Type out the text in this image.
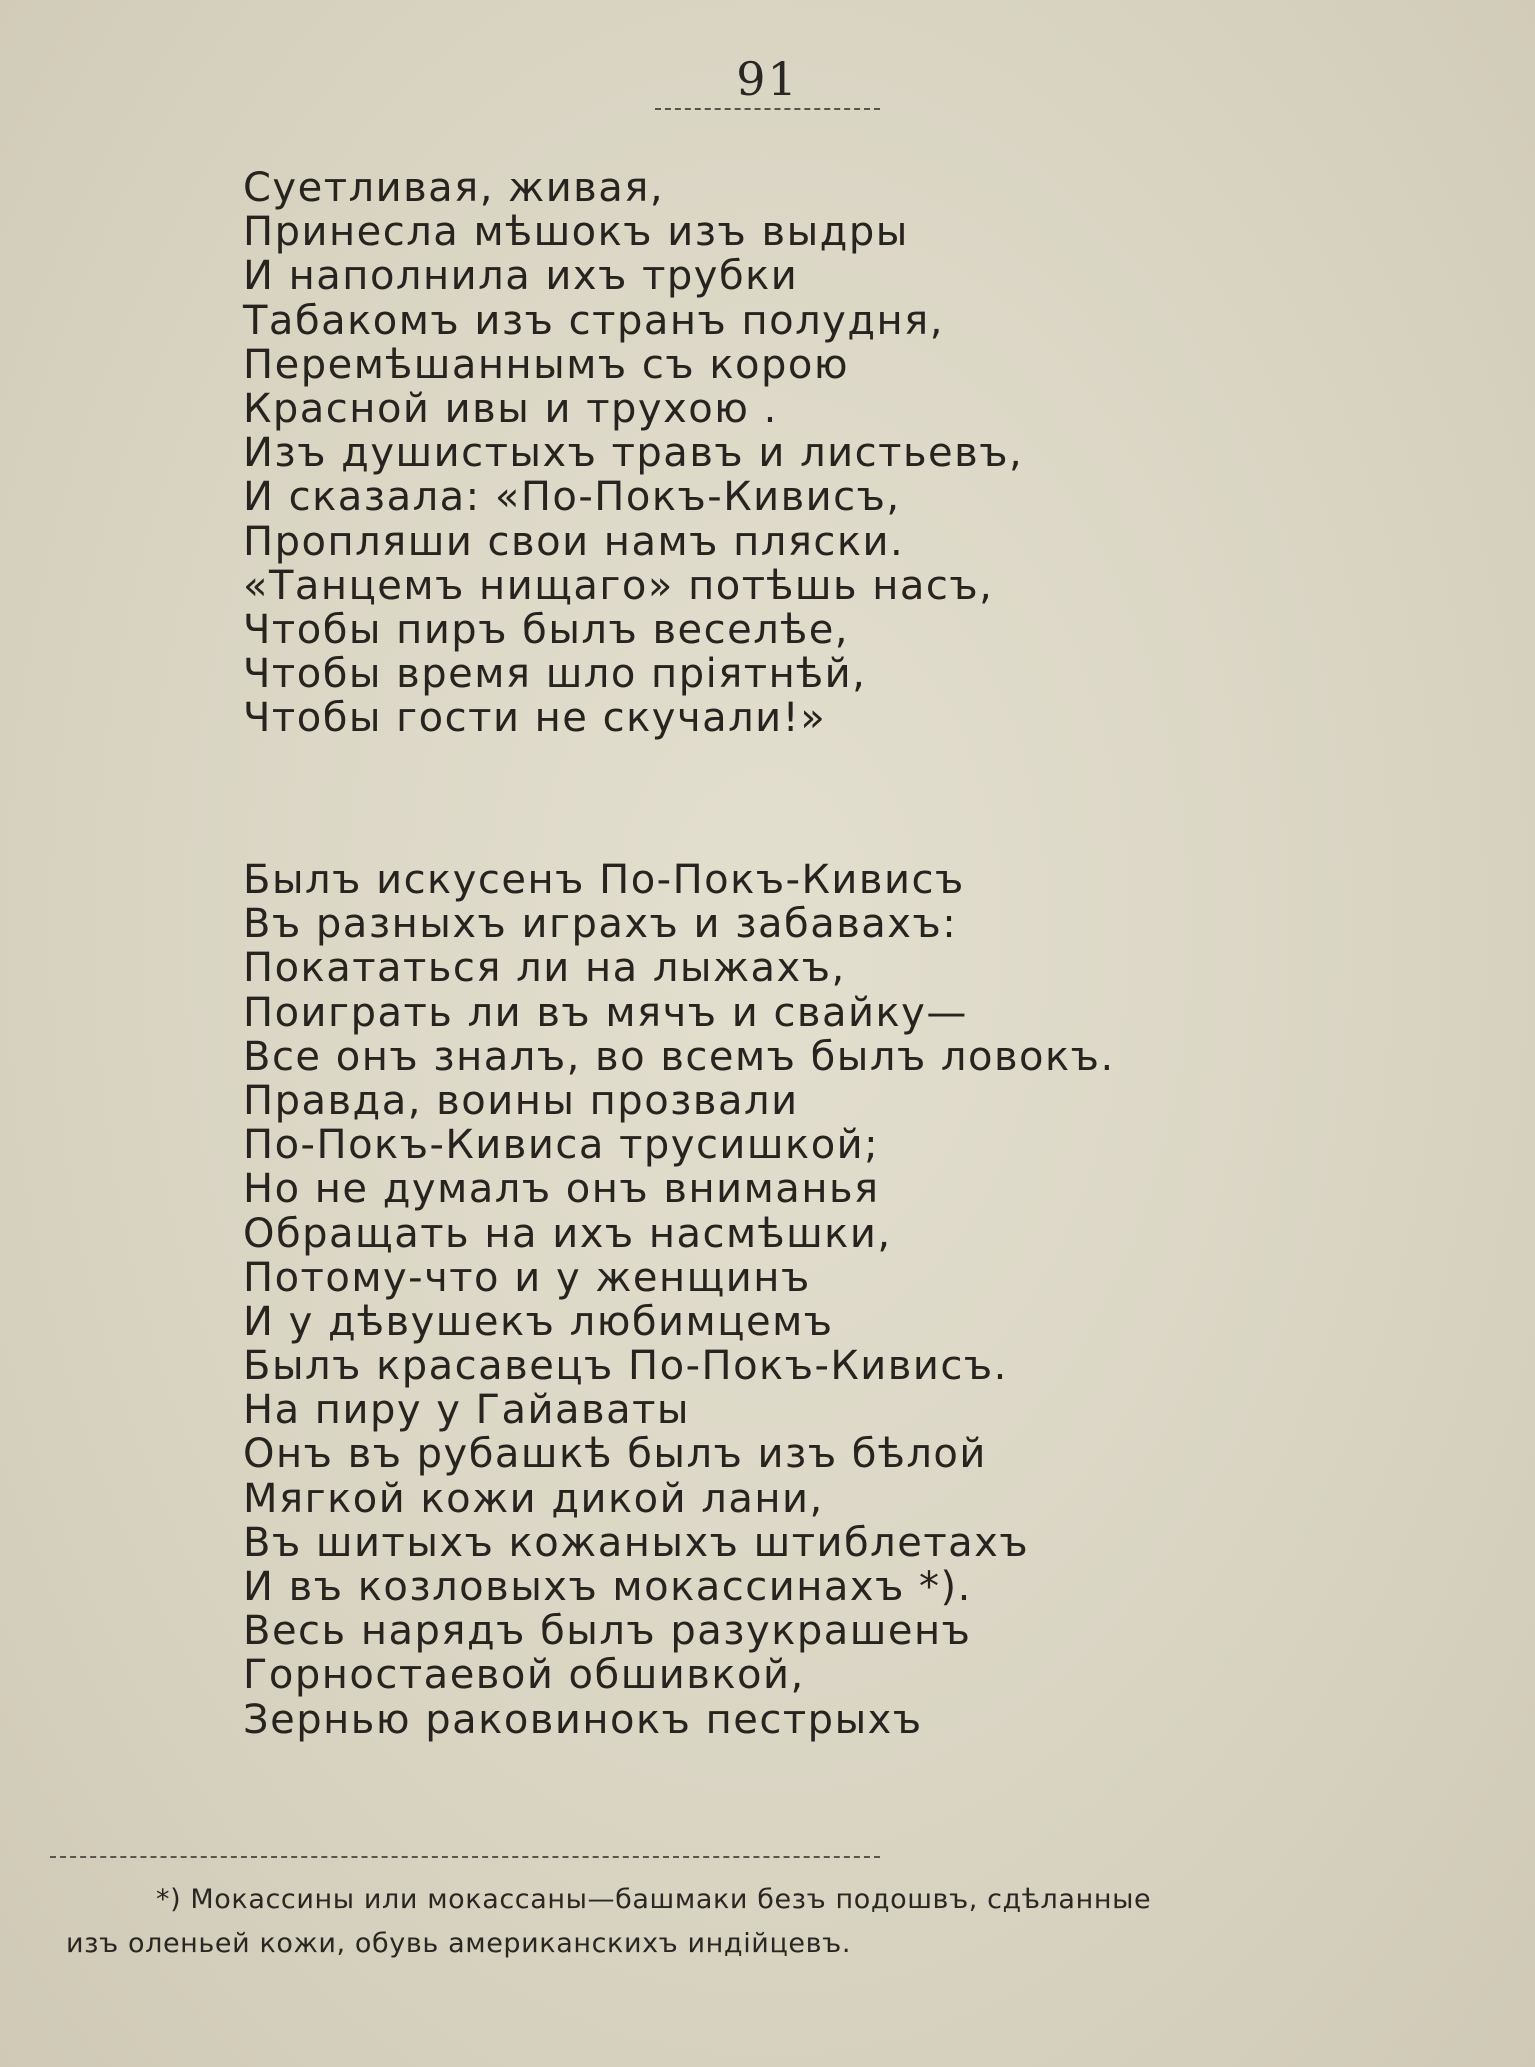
91
Суетливая, живая,
Принесла мѣшокъ изъ выдры
И наполнила ихъ трубки
Табакомъ изъ странъ полудня,
Перемѣшаннымъ съ корою
Красной ивы и трухою .
Изъ душистыхъ травъ и листьевъ,
И сказала: «По-Покъ-Кивисъ,
Пропляши свои намъ пляски.
«Танцемъ нищаго» потѣшь насъ,
Чтобы пиръ былъ веселѣе,
Чтобы время шло пріятнѣй,
Чтобы гости не скучали!»
Былъ искусенъ По-Покъ-Кивисъ
Въ разныхъ играхъ и забавахъ:
Покататься ли на лыжахъ,
Поиграть ли въ мячъ и свайку—
Все онъ зналъ, во всемъ былъ ловокъ.
Правда, воины прозвали
По-Покъ-Кивиса трусишкой;
Но не думалъ онъ вниманья
Обращать на ихъ насмѣшки,
Потому-что и у женщинъ
И у дѣвушекъ любимцемъ
Былъ красавецъ По-Покъ-Кивисъ.
На пиру у Гайаваты
Онъ въ рубашкѣ былъ изъ бѣлой
Мягкой кожи дикой лани,
Въ шитыхъ кожаныхъ штиблетахъ
И въ козловыхъ мокассинахъ *).
Весь нарядъ былъ разукрашенъ
Горностаевой обшивкой,
Зернью раковинокъ пестрыхъ

*) Мокассины или мокассаны—башмаки безъ подошвъ, сдѣланные
изъ оленьей кожи, обувь американскихъ индійцевъ.
